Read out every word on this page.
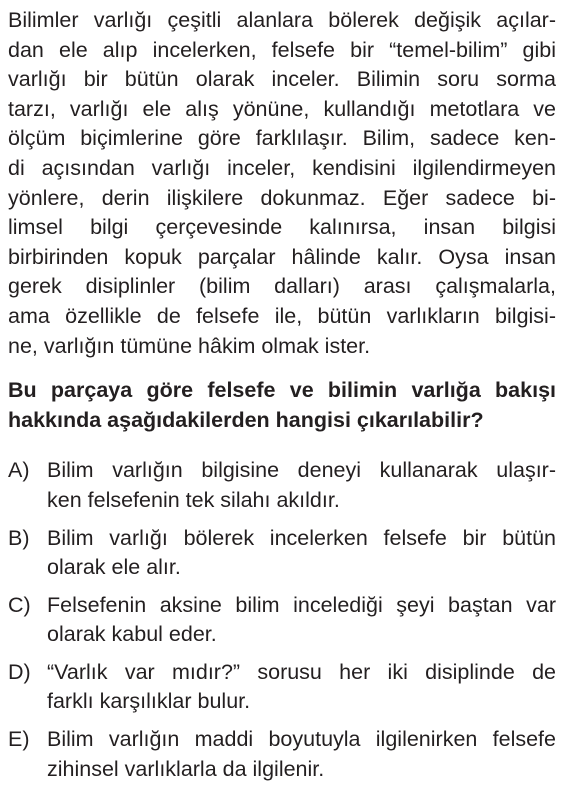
Bilimler varlığı çeşitli alanlara bölerek değişik açılar-
dan ele alıp incelerken, felsefe bir “temel-bilim” gibi
varlığı bir bütün olarak inceler. Bilimin soru sorma
tarzı, varlığı ele alış yönüne, kullandığı metotlara ve
ölçüm biçimlerine göre farklılaşır. Bilim, sadece ken-
di açısından varlığı inceler, kendisini ilgilendirmeyen
yönlere, derin ilişkilere dokunmaz. Eğer sadece bi-
limsel bilgi çerçevesinde kalınırsa, insan bilgisi
birbirinden kopuk parçalar hâlinde kalır. Oysa insan
gerek disiplinler (bilim dalları) arası çalışmalarla,
ama özellikle de felsefe ile, bütün varlıkların bilgisi-
ne, varlığın tümüne hâkim olmak ister.
Bu parçaya göre felsefe ve bilimin varlığa bakışı
hakkında aşağıdakilerden hangisi çıkarılabilir?
A) Bilim varlığın bilgisine deneyi kullanarak ulaşır-
ken felsefenin tek silahı akıldır.
B) Bilim varlığı bölerek incelerken felsefe bir bütün
olarak ele alır.
C) Felsefenin aksine bilim incelediği şeyi baştan var
olarak kabul eder.
D) “Varlık var mıdır?” sorusu her iki disiplinde de
farklı karşılıklar bulur.
E) Bilim varlığın maddi boyutuyla ilgilenirken felsefe
zihinsel varlıklarla da ilgilenir.
